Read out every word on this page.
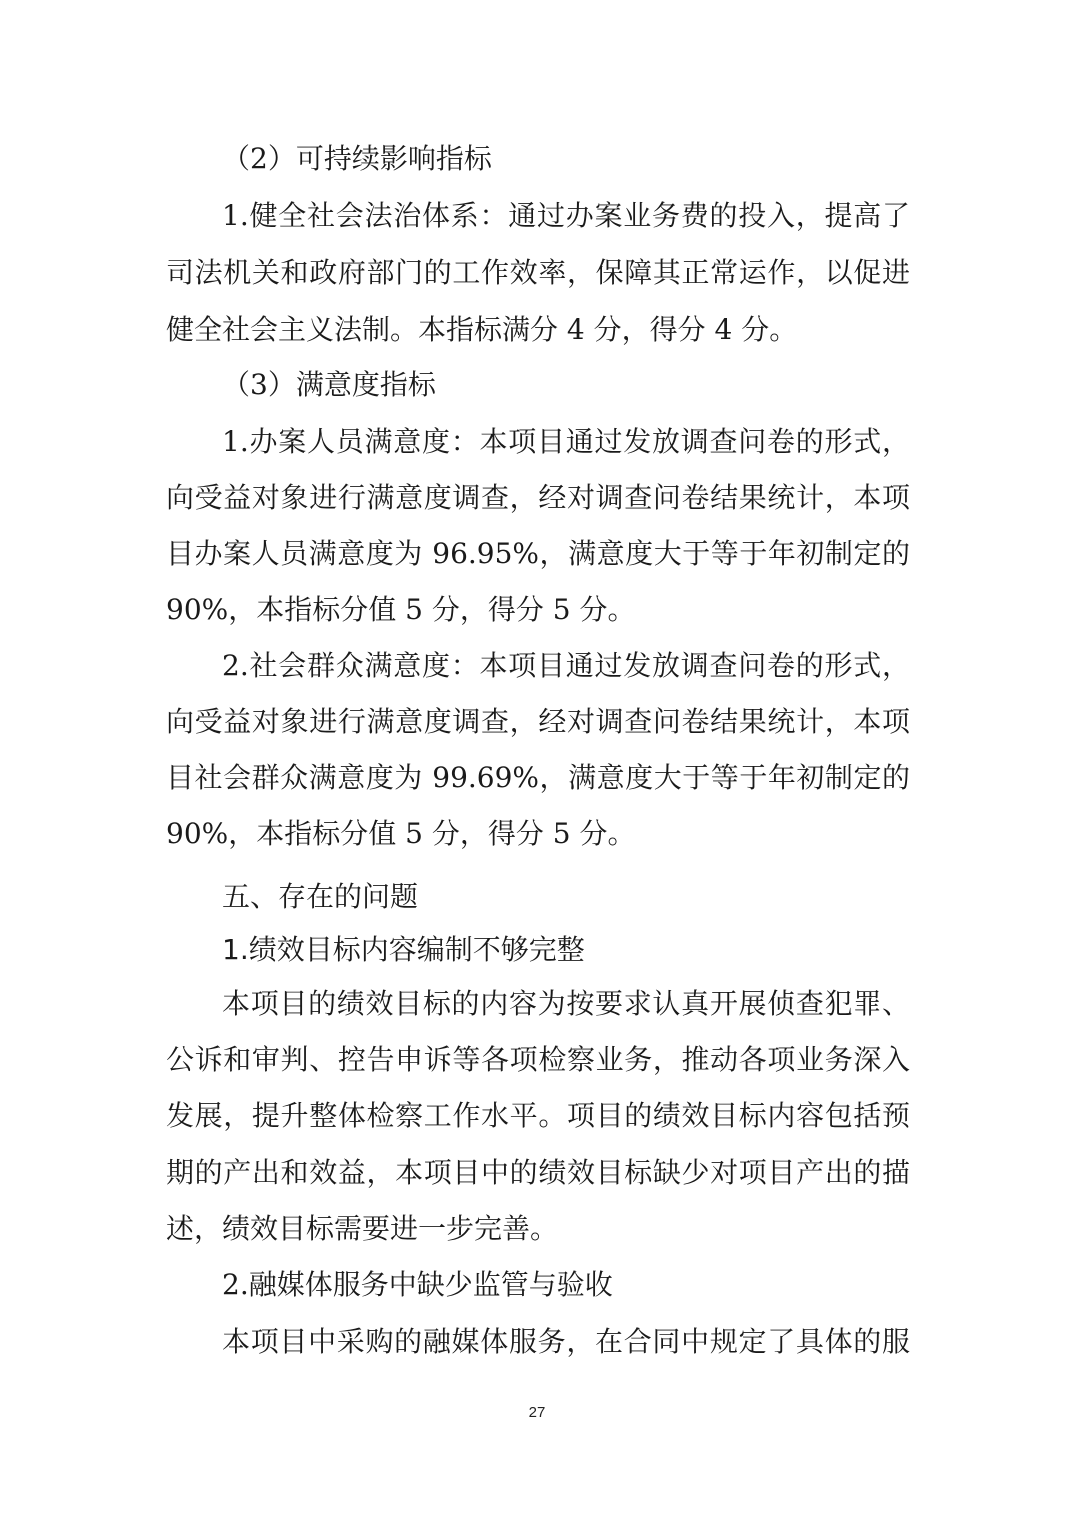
（2）可持续影响指标
1.健全社会法治体系：通过办案业务费的投入，提高了
司法机关和政府部门的工作效率，保障其正常运作，以促进
健全社会主义法制。本指标满分 4 分，得分 4 分。
（3）满意度指标
1.办案人员满意度：本项目通过发放调查问卷的形式，
向受益对象进行满意度调查，经对调查问卷结果统计，本项
目办案人员满意度为 96.95%，满意度大于等于年初制定的
90%，本指标分值 5 分，得分 5 分。
2.社会群众满意度：本项目通过发放调查问卷的形式，
向受益对象进行满意度调查，经对调查问卷结果统计，本项
目社会群众满意度为 99.69%，满意度大于等于年初制定的
90%，本指标分值 5 分，得分 5 分。
五、存在的问题
1.绩效目标内容编制不够完整
本项目的绩效目标的内容为按要求认真开展侦查犯罪、
公诉和审判、控告申诉等各项检察业务，推动各项业务深入
发展，提升整体检察工作水平。项目的绩效目标内容包括预
期的产出和效益，本项目中的绩效目标缺少对项目产出的描
述，绩效目标需要进一步完善。
2.融媒体服务中缺少监管与验收
本项目中采购的融媒体服务，在合同中规定了具体的服
27
